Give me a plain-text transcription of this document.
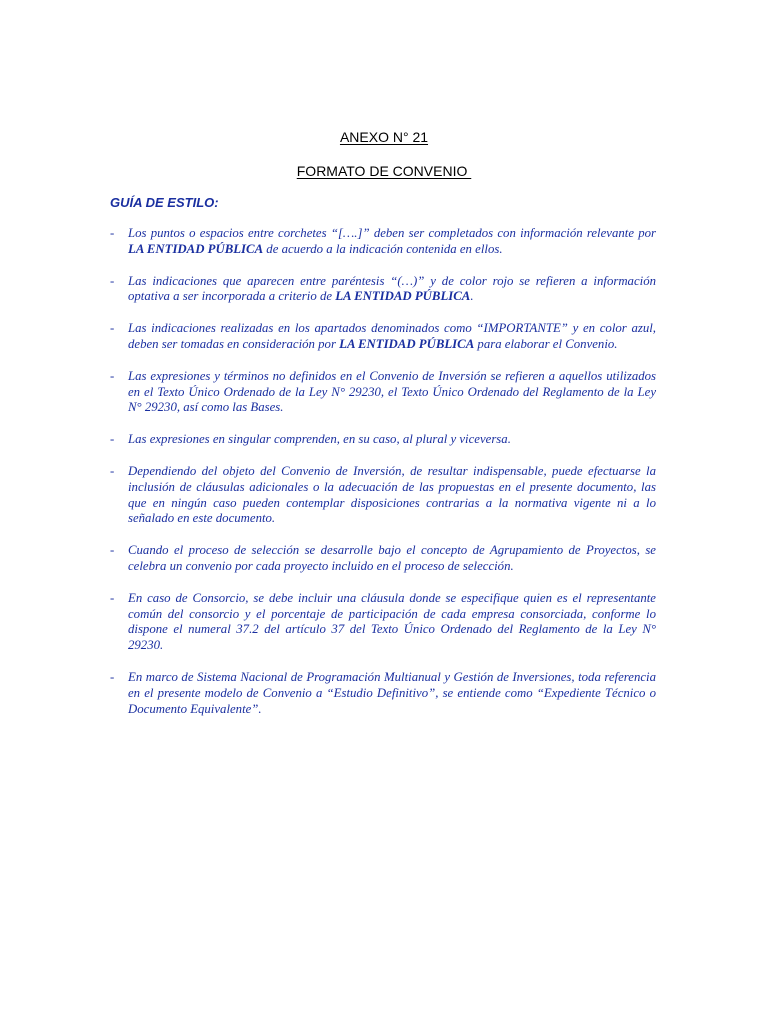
ANEXO N° 21

FORMATO DE CONVENIO

GUÍA DE ESTILO:

-	Los puntos o espacios entre corchetes “[….]” deben ser completados con información relevante por LA ENTIDAD PÚBLICA de acuerdo a la indicación contenida en ellos.
-	Las indicaciones que aparecen entre paréntesis “(…)” y de color rojo se refieren a información optativa a ser incorporada a criterio de LA ENTIDAD PÚBLICA.
-	Las indicaciones realizadas en los apartados denominados como “IMPORTANTE” y en color azul, deben ser tomadas en consideración por LA ENTIDAD PÚBLICA para elaborar el Convenio.
-	Las expresiones y términos no definidos en el Convenio de Inversión se refieren a aquellos utilizados en el Texto Único Ordenado de la Ley N° 29230, el Texto Único Ordenado del Reglamento de la Ley N° 29230, así como las Bases.
-	Las expresiones en singular comprenden, en su caso, al plural y viceversa.
-	Dependiendo del objeto del Convenio de Inversión, de resultar indispensable, puede efectuarse la inclusión de cláusulas adicionales o la adecuación de las propuestas en el presente documento, las que en ningún caso pueden contemplar disposiciones contrarias a la normativa vigente ni a lo señalado en este documento.
-	Cuando el proceso de selección se desarrolle bajo el concepto de Agrupamiento de Proyectos, se celebra un convenio por cada proyecto incluido en el proceso de selección.
-	En caso de Consorcio, se debe incluir una cláusula donde se especifique quien es el representante común del consorcio y el porcentaje de participación de cada empresa consorciada, conforme lo dispone el numeral 37.2 del artículo 37 del Texto Único Ordenado del Reglamento de la Ley N° 29230.
-	En marco de Sistema Nacional de Programación Multianual y Gestión de Inversiones, toda referencia en el presente modelo de Convenio a “Estudio Definitivo”, se entiende como “Expediente Técnico o Documento Equivalente”.
